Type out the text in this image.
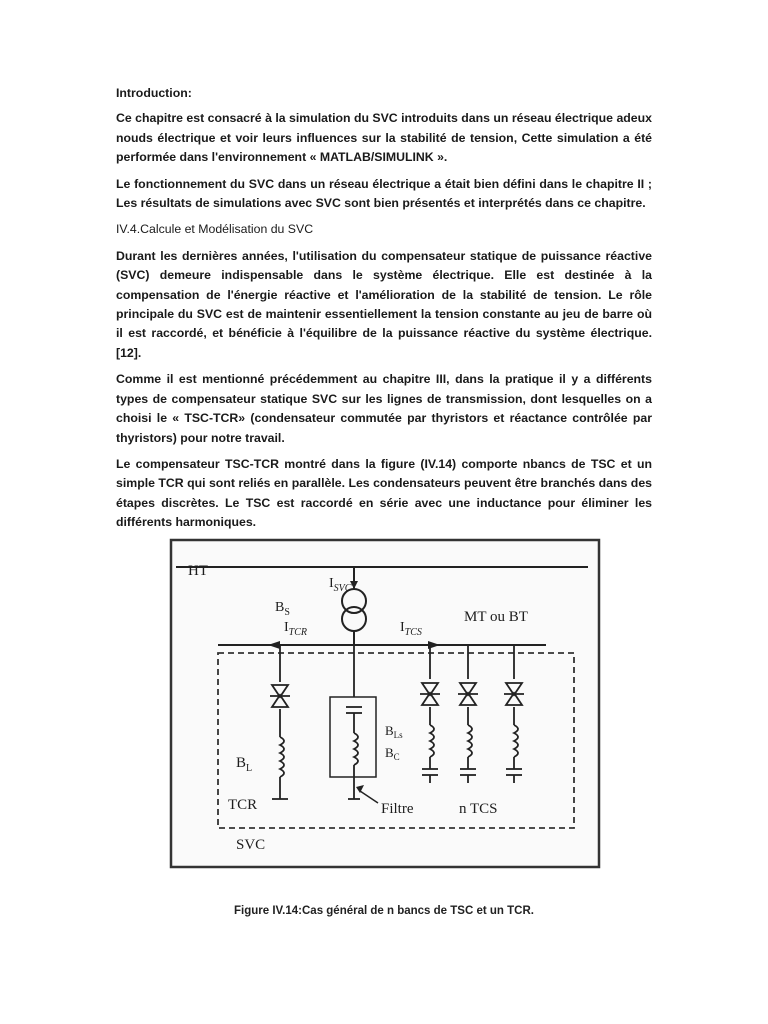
Introduction:

Ce chapitre est consacré à la simulation du SVC introduits dans un réseau électrique adeux nouds électrique et voir leurs influences sur la stabilité de tension, Cette simulation a été performée dans l'environnement « MATLAB/SIMULINK ».

Le fonctionnement du SVC dans un réseau électrique a était bien défini dans le chapitre II ; Les résultats de simulations avec SVC sont bien présentés et interprétés dans ce chapitre.

IV.4.Calcule et Modélisation du SVC

Durant les dernières années, l'utilisation du compensateur statique de puissance réactive (SVC) demeure indispensable dans le système électrique. Elle est destinée à la compensation de l'énergie réactive et l'amélioration de la stabilité de tension. Le rôle principale du SVC est de maintenir essentiellement la tension constante au jeu de barre où il est raccordé, et bénéficie à l'équilibre de la puissance réactive du système électrique. [12].

Comme il est mentionné précédemment au chapitre III, dans la pratique il y a différents types de compensateur statique SVC sur les lignes de transmission, dont lesquelles on a choisi le « TSC-TCR» (condensateur commutée par thyristors et réactance contrôlée par thyristors) pour notre travail.

Le compensateur TSC-TCR montré dans la figure (IV.14) comporte nbancs de TSC et un simple TCR qui sont reliés en parallèle. Les condensateurs peuvent être branchés dans des étapes discrètes. Le TSC est raccordé en série avec une inductance pour éliminer les différents harmoniques.

HT
$I_{SVC}$
$B_S$
$I_{TCR}$	$I_{TCS}$
MT ou BT
$B_{Ls}$
$B_C$
$B_L$
TCR	Filtre	n TCS
SVC
Figure IV.14:Cas général de n bancs de TSC et un TCR.
